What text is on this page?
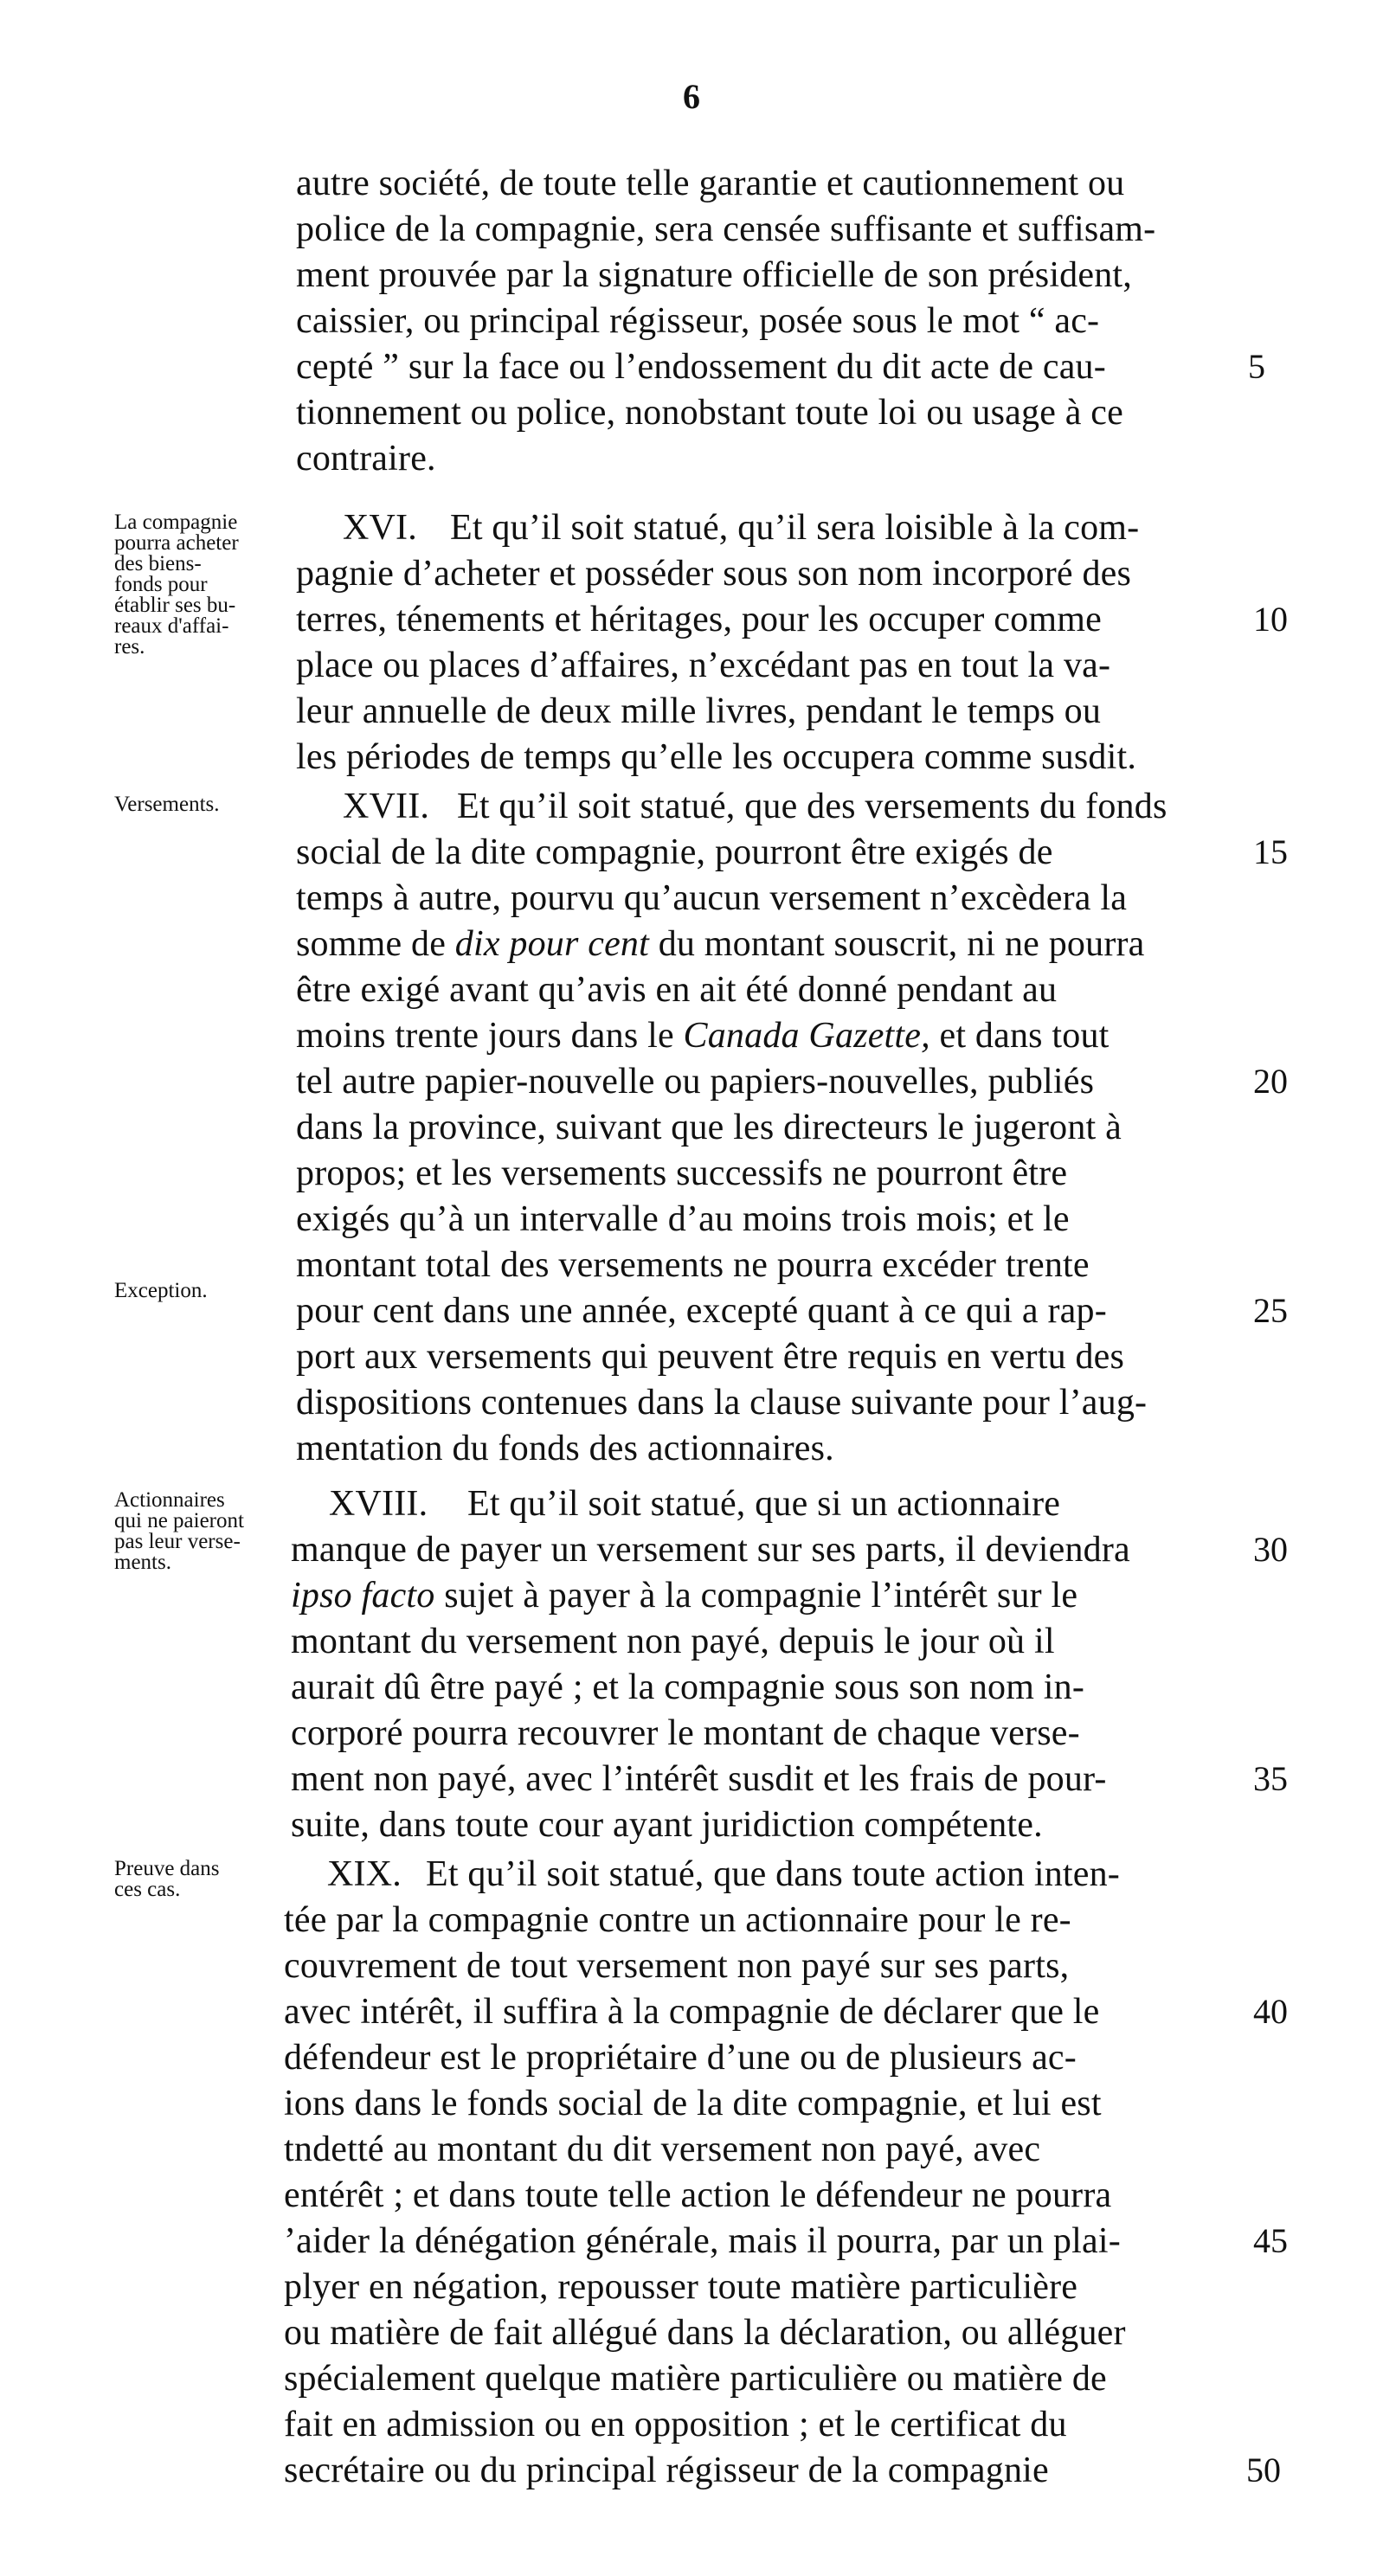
6
autre société, de toute telle garantie et cautionnement ou
police de la compagnie, sera censée suffisante et suffisam-
ment prouvée par la signature officielle de son président,
caissier, ou principal régisseur, posée sous le mot “ ac-
cepté ” sur la face ou l’endossement du dit acte de cau-	5
tionnement ou police, nonobstant toute loi ou usage à ce
contraire.
La compagnie
pourra acheter
des biens-
fonds pour
établir ses bu-
reaux d'affai-
res.
XVI. Et qu’il soit statué, qu’il sera loisible à la com-
pagnie d’acheter et posséder sous son nom incorporé des
terres, ténements et héritages, pour les occuper comme	10
place ou places d’affaires, n’excédant pas en tout la va-
leur annuelle de deux mille livres, pendant le temps ou
les périodes de temps qu’elle les occupera comme susdit.
Versements.
Exception.
XVII. Et qu’il soit statué, que des versements du fonds
social de la dite compagnie, pourront être exigés de	15
temps à autre, pourvu qu’aucun versement n’excèdera la
somme de dix pour cent du montant souscrit, ni ne pourra
être exigé avant qu’avis en ait été donné pendant au
moins trente jours dans le Canada Gazette, et dans tout
tel autre papier-nouvelle ou papiers-nouvelles, publiés	20
dans la province, suivant que les directeurs le jugeront à
propos; et les versements successifs ne pourront être
exigés qu’à un intervalle d’au moins trois mois; et le
montant total des versements ne pourra excéder trente
pour cent dans une année, excepté quant à ce qui a rap-	25
port aux versements qui peuvent être requis en vertu des
dispositions contenues dans la clause suivante pour l’aug-
mentation du fonds des actionnaires.
Actionnaires
qui ne paieront
pas leur verse-
ments.
XVIII. Et qu’il soit statué, que si un actionnaire
manque de payer un versement sur ses parts, il deviendra	30
ipso facto sujet à payer à la compagnie l’intérêt sur le
montant du versement non payé, depuis le jour où il
aurait dû être payé ; et la compagnie sous son nom in-
corporé pourra recouvrer le montant de chaque verse-
ment non payé, avec l’intérêt susdit et les frais de pour-	35
suite, dans toute cour ayant juridiction compétente.
Preuve dans
ces cas.	XIX. Et qu’il soit statué, que dans toute action inten-
tée par la compagnie contre un actionnaire pour le re-
couvrement de tout versement non payé sur ses parts,
avec intérêt, il suffira à la compagnie de déclarer que le	40
défendeur est le propriétaire d’une ou de plusieurs ac-
ions dans le fonds social de la dite compagnie, et lui est
tndetté au montant du dit versement non payé, avec
entérêt ; et dans toute telle action le défendeur ne pourra
’aider la dénégation générale, mais il pourra, par un plai-	45
plyer en négation, repousser toute matière particulière
ou matière de fait allégué dans la déclaration, ou alléguer
spécialement quelque matière particulière ou matière de
fait en admission ou en opposition ; et le certificat du
secrétaire ou du principal régisseur de la compagnie	50
